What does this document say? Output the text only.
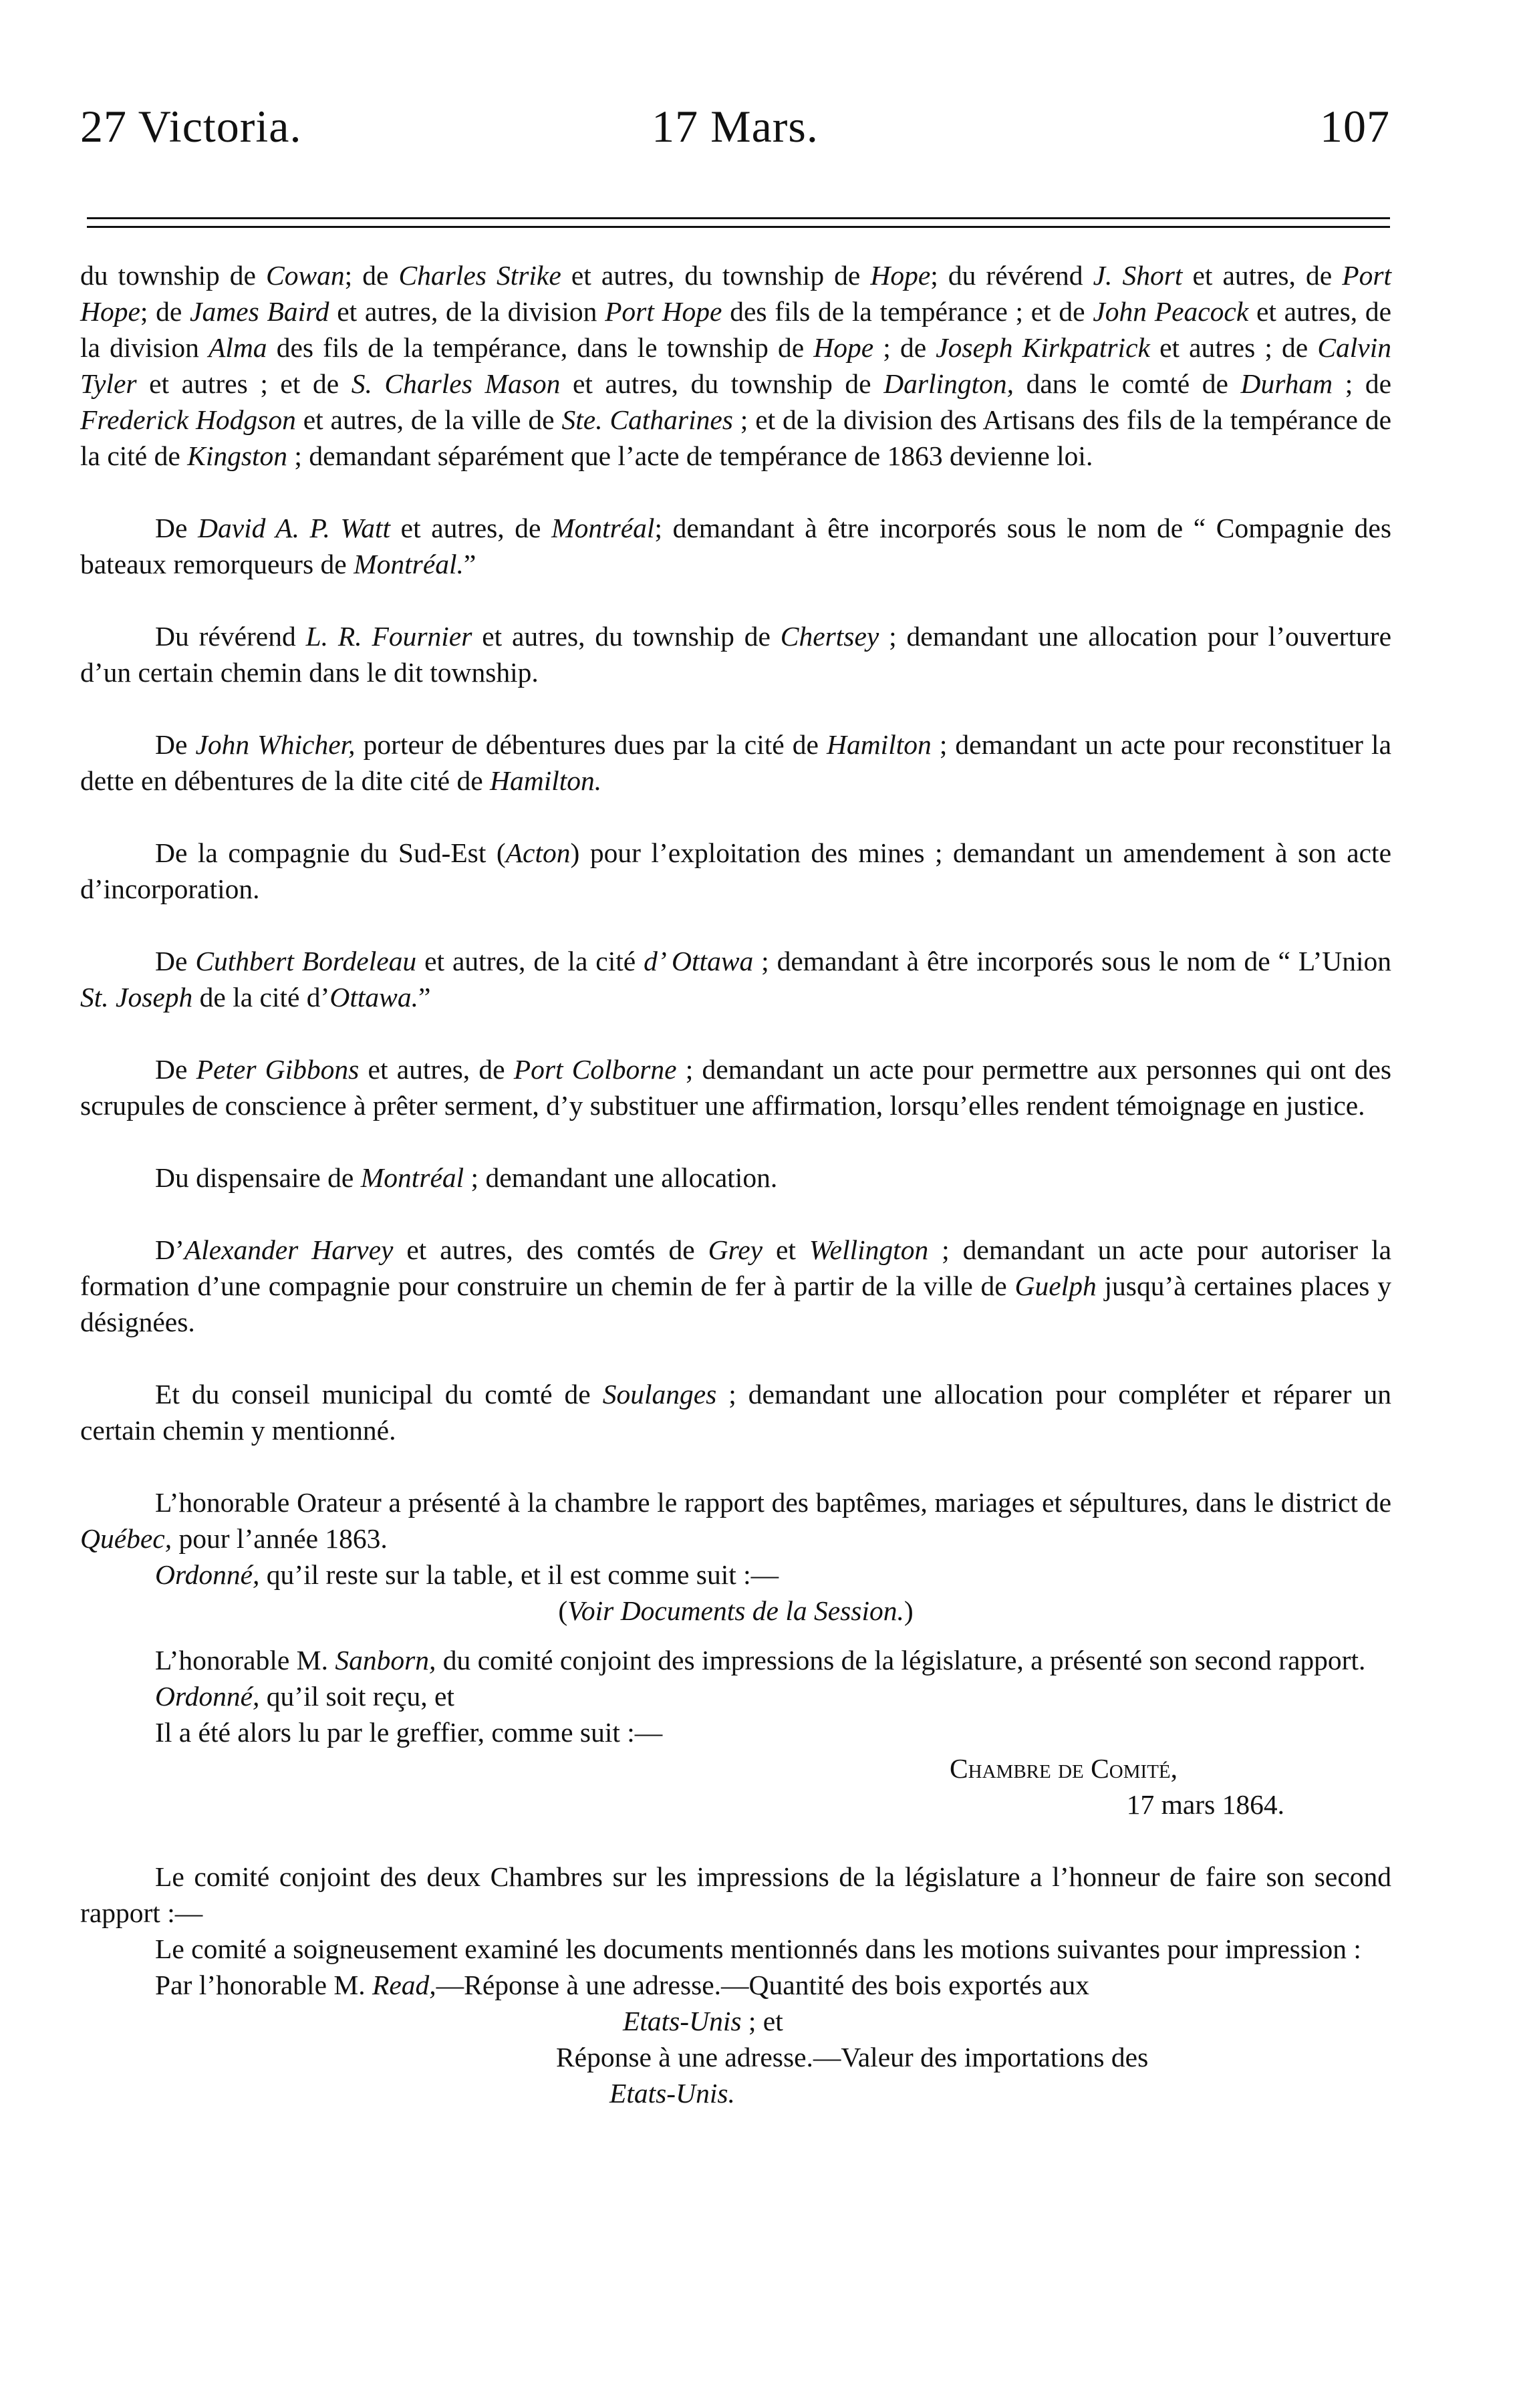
27 Victoria.	17 Mars.	107

du township de Cowan; de Charles Strike et autres, du township de Hope; du révérend J. Short et autres, de Port Hope; de James Baird et autres, de la division Port Hope des fils de la tempérance ; et de John Peacock et autres, de la division Alma des fils de la tempérance, dans le township de Hope ; de Joseph Kirkpatrick et autres ; de Calvin Tyler et autres ; et de S. Charles Mason et autres, du township de Darlington, dans le comté de Durham ; de Frederick Hodgson et autres, de la ville de Ste. Catharines ; et de la division des Artisans des fils de la tempérance de la cité de Kingston ; demandant séparément que l’acte de tempérance de 1863 devienne loi.

De David A. P. Watt et autres, de Montréal; demandant à être incorporés sous le nom de “ Compagnie des bateaux remorqueurs de Montréal.”

Du révérend L. R. Fournier et autres, du township de Chertsey ; demandant une allocation pour l’ouverture d’un certain chemin dans le dit township.

De John Whicher, porteur de débentures dues par la cité de Hamilton ; demandant un acte pour reconstituer la dette en débentures de la dite cité de Hamilton.

De la compagnie du Sud-Est (Acton) pour l’exploitation des mines ; demandant un amendement à son acte d’incorporation.

De Cuthbert Bordeleau et autres, de la cité d’ Ottawa ; demandant à être incorporés sous le nom de “ L’Union St. Joseph de la cité d’Ottawa.”

De Peter Gibbons et autres, de Port Colborne ; demandant un acte pour permettre aux personnes qui ont des scrupules de conscience à prêter serment, d’y substituer une affirmation, lorsqu’elles rendent témoignage en justice.

Du dispensaire de Montréal ; demandant une allocation.

D’Alexander Harvey et autres, des comtés de Grey et Wellington ; demandant un acte pour autoriser la formation d’une compagnie pour construire un chemin de fer à partir de la ville de Guelph jusqu’à certaines places y désignées.

Et du conseil municipal du comté de Soulanges ; demandant une allocation pour compléter et réparer un certain chemin y mentionné.

L’honorable Orateur a présenté à la chambre le rapport des baptêmes, mariages et sépultures, dans le district de Québec, pour l’année 1863.

Ordonné, qu’il reste sur la table, et il est comme suit :—

(Voir Documents de la Session.)

L’honorable M. Sanborn, du comité conjoint des impressions de la législature, a présenté son second rapport.

Ordonné, qu’il soit reçu, et

Il a été alors lu par le greffier, comme suit :—

Chambre de Comité,

17 mars 1864.

Le comité conjoint des deux Chambres sur les impressions de la législature a l’honneur de faire son second rapport :—

Le comité a soigneusement examiné les documents mentionnés dans les motions suivantes pour impression :

Par l’honorable M. Read,—Réponse à une adresse.—Quantité des bois exportés aux

Etats-Unis ; et

Réponse à une adresse.—Valeur des importations des

Etats-Unis.
